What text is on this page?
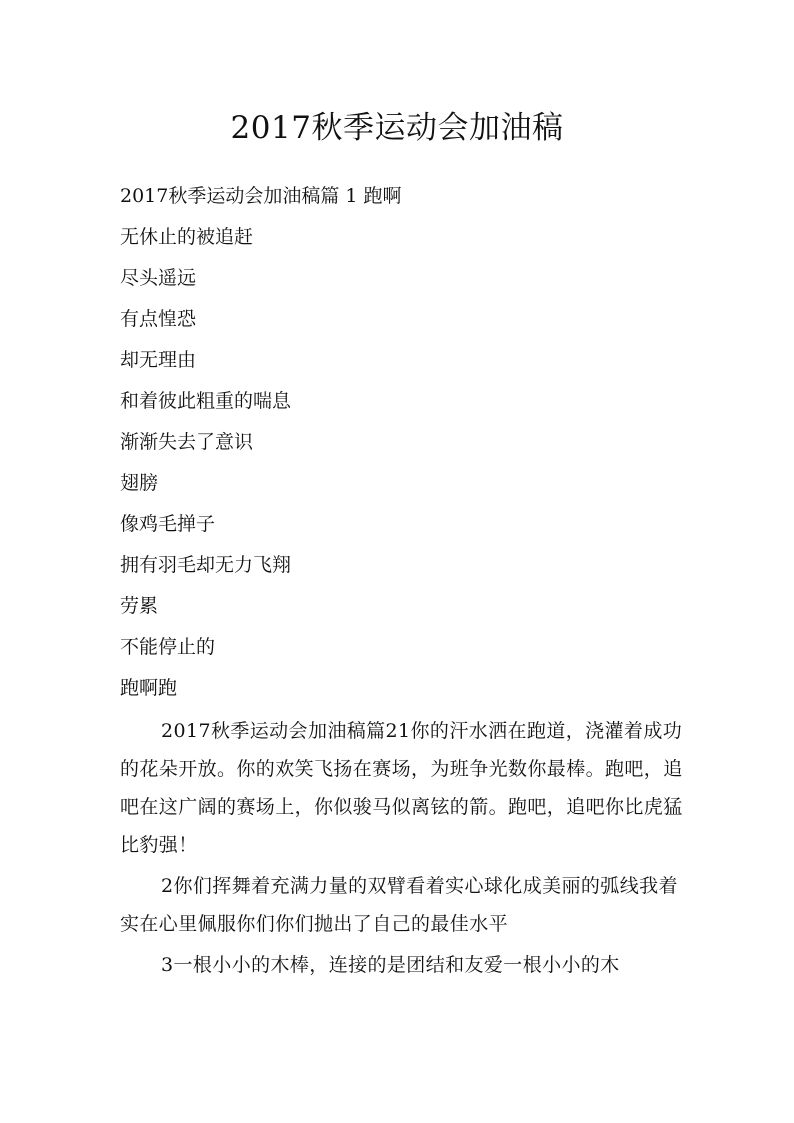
2017秋季运动会加油稿
2017秋季运动会加油稿篇 1 跑啊
无休止的被追赶
尽头遥远
有点惶恐
却无理由
和着彼此粗重的喘息
渐渐失去了意识
翅膀
像鸡毛掸子
拥有羽毛却无力飞翔
劳累
不能停止的
跑啊跑

2017秋季运动会加油稿篇21你的汗水洒在跑道，浇灌着成功的花朵开放。你的欢笑飞扬在赛场，为班争光数你最棒。跑吧，追吧在这广阔的赛场上，你似骏马似离铉的箭。跑吧，追吧你比虎猛比豹强！

2你们挥舞着充满力量的双臂看着实心球化成美丽的弧线我着实在心里佩服你们你们抛出了自己的最佳水平

3一根小小的木棒，连接的是团结和友爱一根小小的木
